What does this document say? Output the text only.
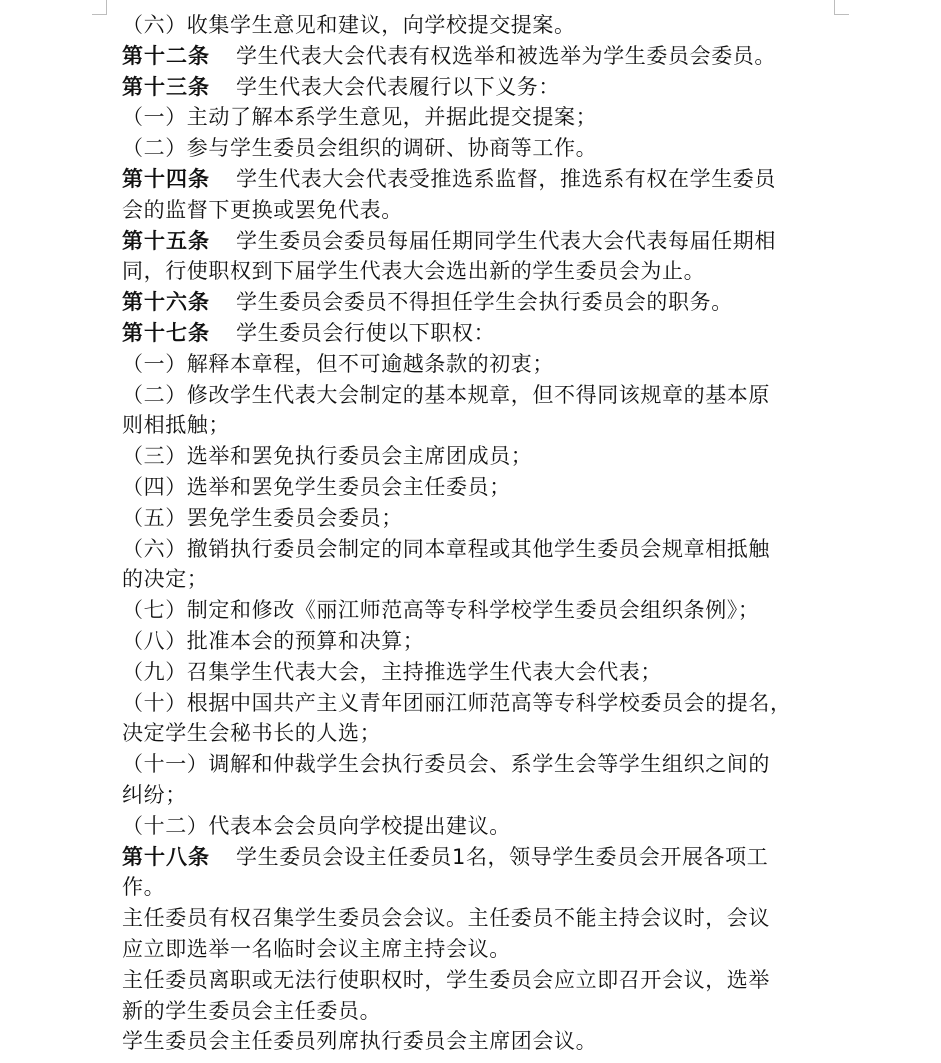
（六）收集学生意见和建议，向学校提交提案。
第十二条 学生代表大会代表有权选举和被选举为学生委员会委员。
第十三条 学生代表大会代表履行以下义务：
（一）主动了解本系学生意见，并据此提交提案；
（二）参与学生委员会组织的调研、协商等工作。
第十四条 学生代表大会代表受推选系监督，推选系有权在学生委员
会的监督下更换或罢免代表。
第十五条 学生委员会委员每届任期同学生代表大会代表每届任期相
同，行使职权到下届学生代表大会选出新的学生委员会为止。
第十六条 学生委员会委员不得担任学生会执行委员会的职务。
第十七条 学生委员会行使以下职权：
（一）解释本章程，但不可逾越条款的初衷；
（二）修改学生代表大会制定的基本规章，但不得同该规章的基本原
则相抵触；
（三）选举和罢免执行委员会主席团成员；
（四）选举和罢免学生委员会主任委员；
（五）罢免学生委员会委员；
（六）撤销执行委员会制定的同本章程或其他学生委员会规章相抵触
的决定；
（七）制定和修改《丽江师范高等专科学校学生委员会组织条例》；
（八）批准本会的预算和决算；
（九）召集学生代表大会，主持推选学生代表大会代表；
（十）根据中国共产主义青年团丽江师范高等专科学校委员会的提名，
决定学生会秘书长的人选；
（十一）调解和仲裁学生会执行委员会、系学生会等学生组织之间的
纠纷；
（十二）代表本会会员向学校提出建议。
第十八条 学生委员会设主任委员1名，领导学生委员会开展各项工
作。
主任委员有权召集学生委员会会议。主任委员不能主持会议时，会议
应立即选举一名临时会议主席主持会议。
主任委员离职或无法行使职权时，学生委员会应立即召开会议，选举
新的学生委员会主任委员。
学生委员会主任委员列席执行委员会主席团会议。
